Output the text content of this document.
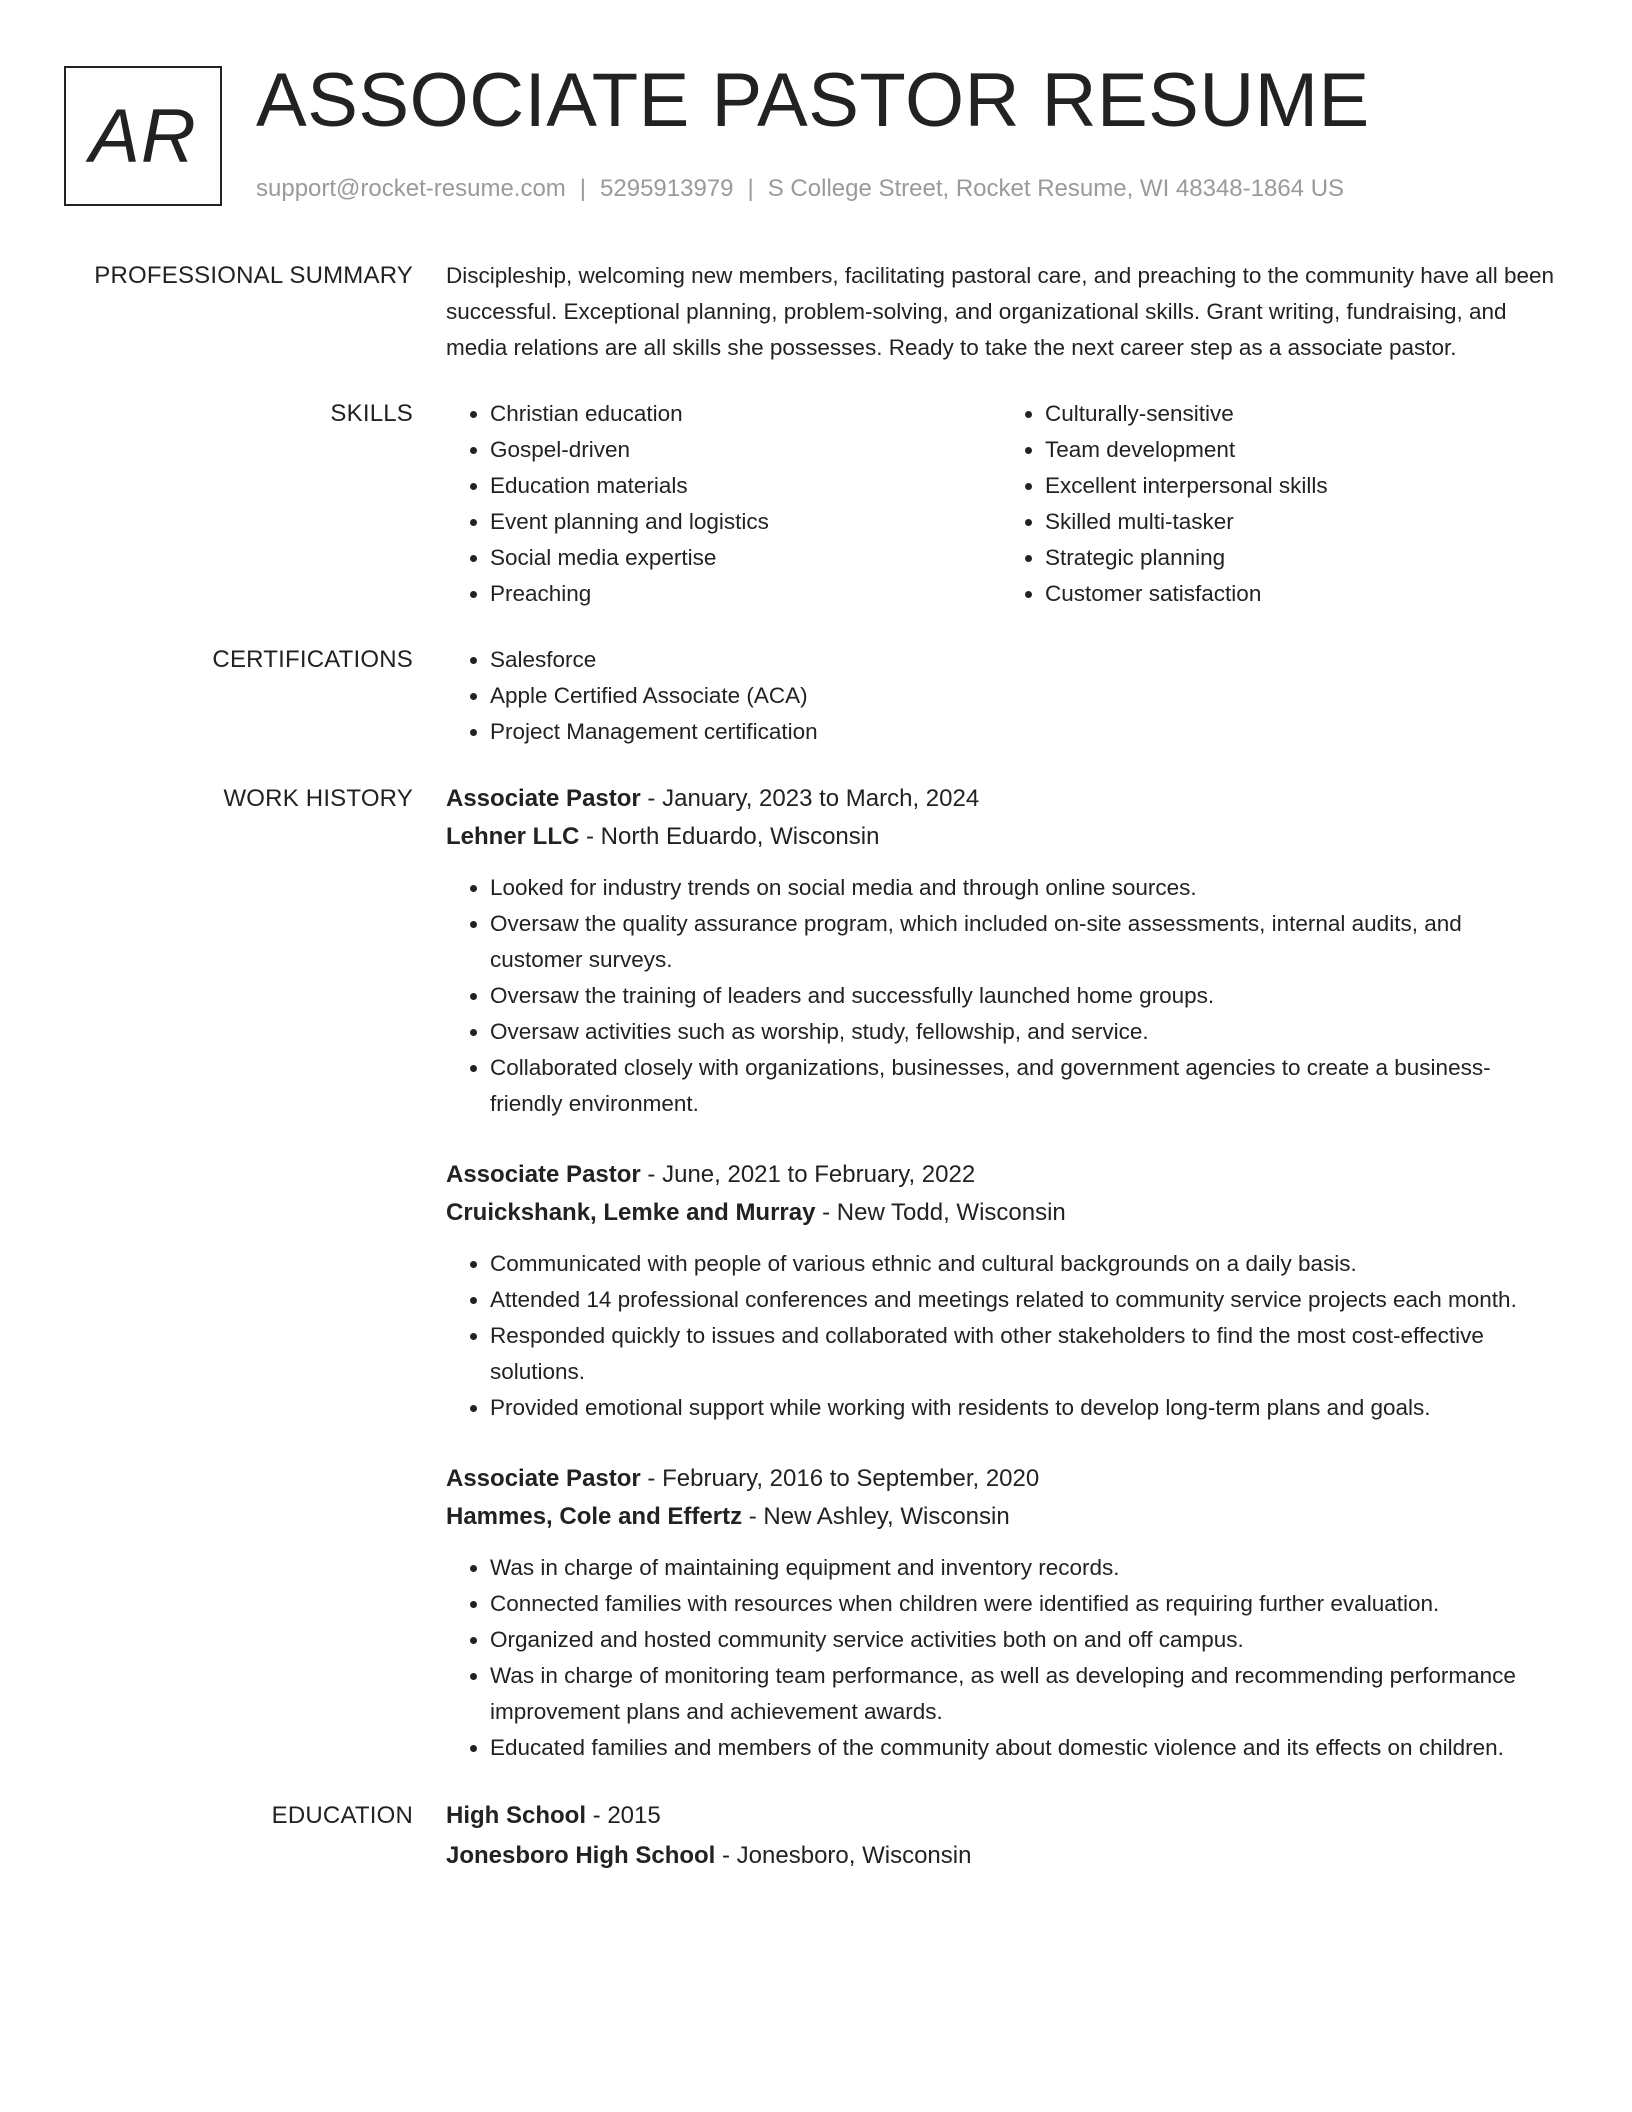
AR ASSOCIATE PASTOR RESUME
support@rocket-resume.com | 5295913979 | S College Street, Rocket Resume, WI 48348-1864 US
PROFESSIONAL SUMMARY Discipleship, welcoming new members, facilitating pastoral care, and preaching to the community have all been successful. Exceptional planning, problem-solving, and organizational skills. Grant writing, fundraising, and media relations are all skills she possesses. Ready to take the next career step as a associate pastor.

SKILLS	• Christian education
• Gospel-driven
• Education materials
• Event planning and logistics
• Social media expertise
• Preaching
• Culturally-sensitive
• Team development
• Excellent interpersonal skills
• Skilled multi-tasker
• Strategic planning
• Customer satisfaction
CERTIFICATIONS	• Salesforce
• Apple Certified Associate (ACA)
• Project Management certification
WORK HISTORY Associate Pastor - January, 2023 to March, 2024
Lehner LLC - North Eduardo, Wisconsin
• Looked for industry trends on social media and through online sources.
• Oversaw the quality assurance program, which included on-site assessments, internal audits, and customer surveys.
• Oversaw the training of leaders and successfully launched home groups.
• Oversaw activities such as worship, study, fellowship, and service.
• Collaborated closely with organizations, businesses, and government agencies to create a business-friendly environment.
Associate Pastor - June, 2021 to February, 2022
Cruickshank, Lemke and Murray - New Todd, Wisconsin
• Communicated with people of various ethnic and cultural backgrounds on a daily basis.
• Attended 14 professional conferences and meetings related to community service projects each month.
• Responded quickly to issues and collaborated with other stakeholders to find the most cost-effective solutions.
• Provided emotional support while working with residents to develop long-term plans and goals.
Associate Pastor - February, 2016 to September, 2020
Hammes, Cole and Effertz - New Ashley, Wisconsin
• Was in charge of maintaining equipment and inventory records.
• Connected families with resources when children were identified as requiring further evaluation.
• Organized and hosted community service activities both on and off campus.
• Was in charge of monitoring team performance, as well as developing and recommending performance improvement plans and achievement awards.
• Educated families and members of the community about domestic violence and its effects on children.
EDUCATION High School - 2015
Jonesboro High School - Jonesboro, Wisconsin
